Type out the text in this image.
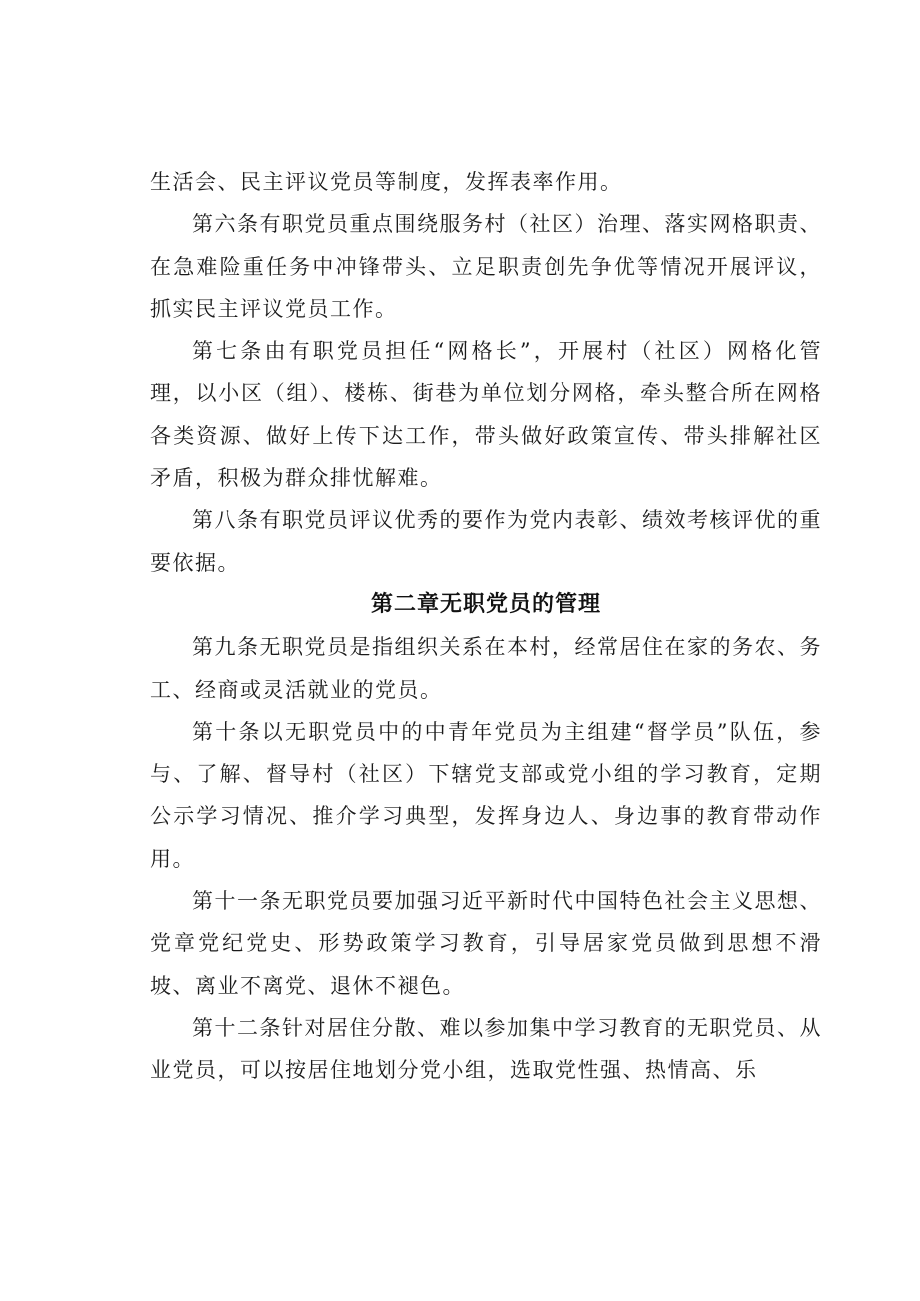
生活会、民主评议党员等制度，发挥表率作用。

第六条有职党员重点围绕服务村（社区）治理、落实网格职责、在急难险重任务中冲锋带头、立足职责创先争优等情况开展评议，抓实民主评议党员工作。

第七条由有职党员担任“网格长”，开展村（社区）网格化管理，以小区（组）、楼栋、街巷为单位划分网格，牵头整合所在网格各类资源、做好上传下达工作，带头做好政策宣传、带头排解社区矛盾，积极为群众排忧解难。

第八条有职党员评议优秀的要作为党内表彰、绩效考核评优的重要依据。

第二章无职党员的管理

第九条无职党员是指组织关系在本村，经常居住在家的务农、务工、经商或灵活就业的党员。

第十条以无职党员中的中青年党员为主组建“督学员”队伍，参与、了解、督导村（社区）下辖党支部或党小组的学习教育，定期公示学习情况、推介学习典型，发挥身边人、身边事的教育带动作用。

第十一条无职党员要加强习近平新时代中国特色社会主义思想、党章党纪党史、形势政策学习教育，引导居家党员做到思想不滑坡、离业不离党、退休不褪色。

第十二条针对居住分散、难以参加集中学习教育的无职党员、从业党员，可以按居住地划分党小组，选取党性强、热情高、乐
